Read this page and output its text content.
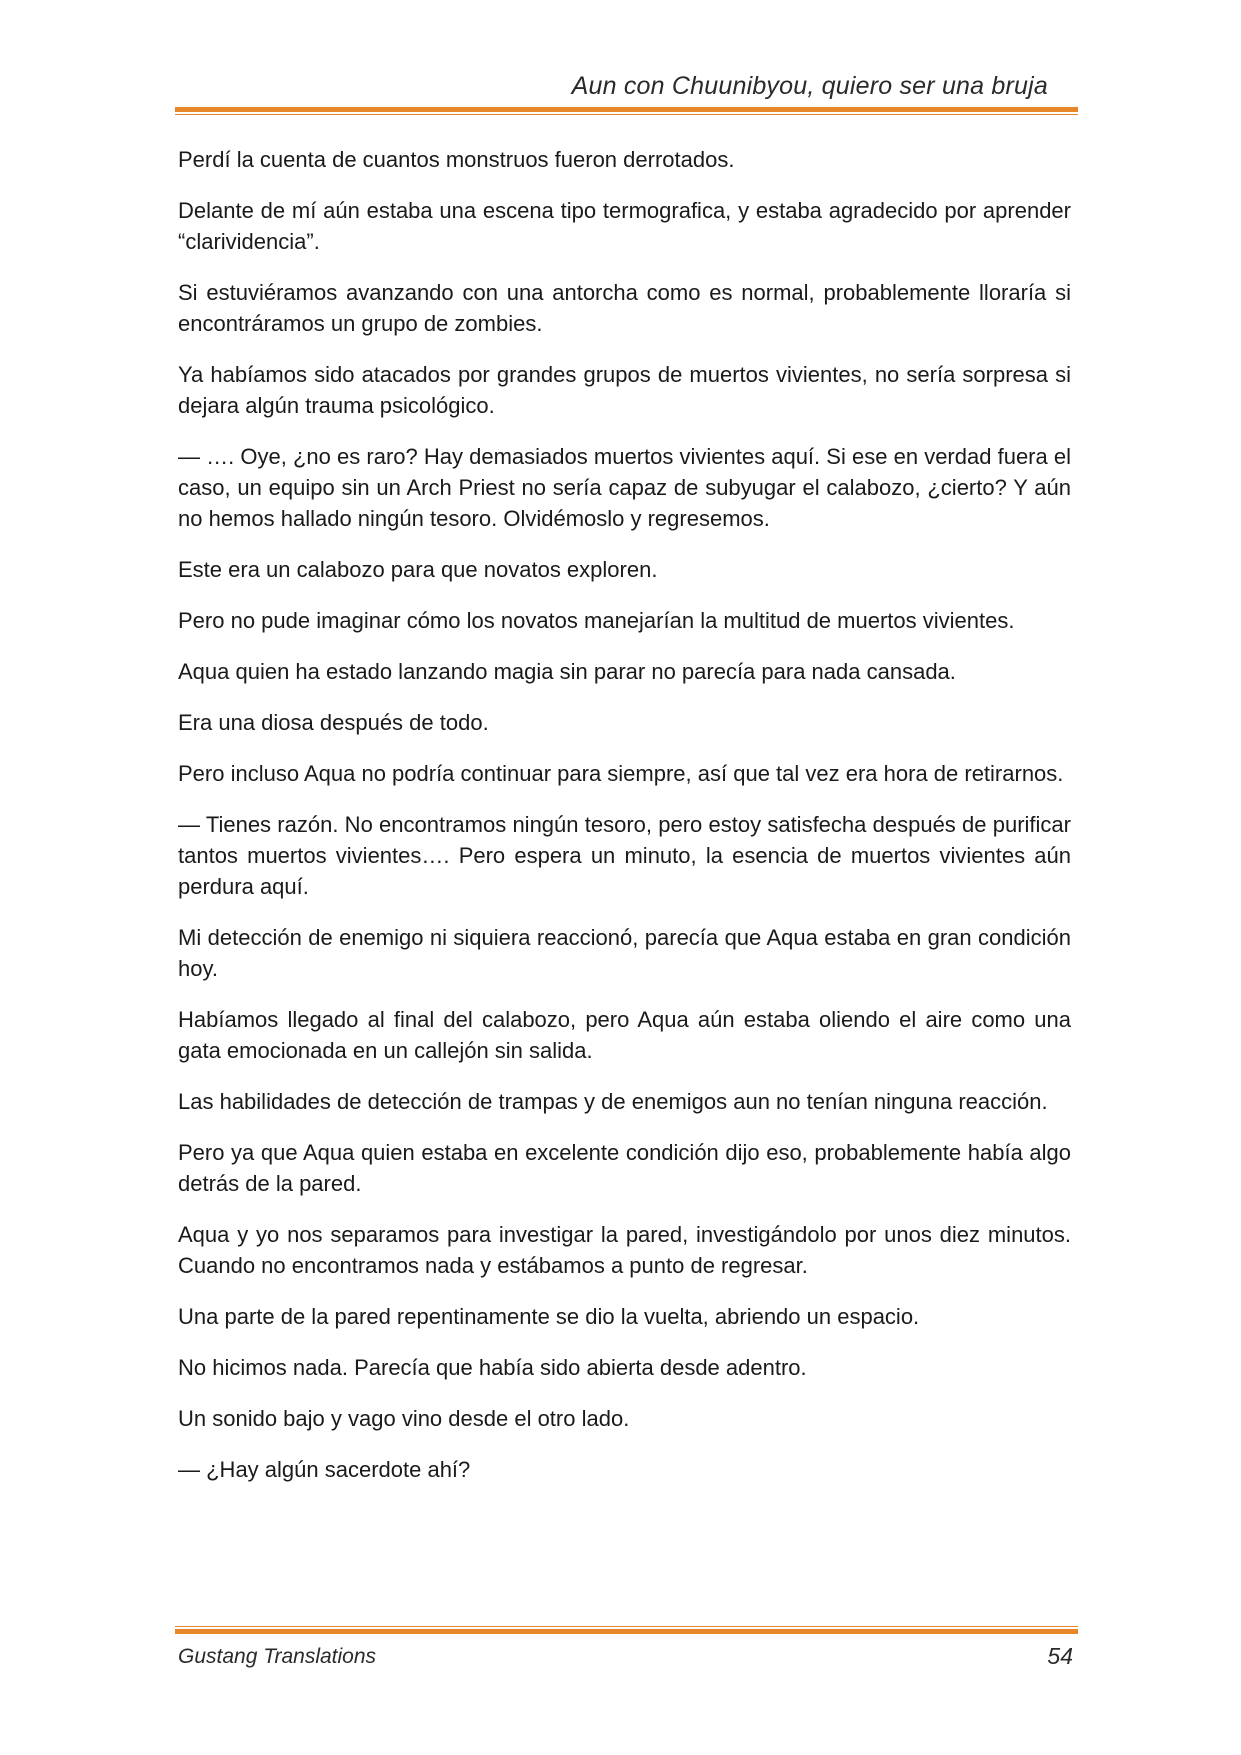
Aun con Chuunibyou, quiero ser una bruja

Perdí la cuenta de cuantos monstruos fueron derrotados.

Delante de mí aún estaba una escena tipo termografica, y estaba agradecido por aprender “clarividencia”.

Si estuviéramos avanzando con una antorcha como es normal, probablemente lloraría si encontráramos un grupo de zombies.

Ya habíamos sido atacados por grandes grupos de muertos vivientes, no sería sorpresa si dejara algún trauma psicológico.

— …. Oye, ¿no es raro? Hay demasiados muertos vivientes aquí. Si ese en verdad fuera el caso, un equipo sin un Arch Priest no sería capaz de subyugar el calabozo, ¿cierto? Y aún no hemos hallado ningún tesoro. Olvidémoslo y regresemos.

Este era un calabozo para que novatos exploren.

Pero no pude imaginar cómo los novatos manejarían la multitud de muertos vivientes.

Aqua quien ha estado lanzando magia sin parar no parecía para nada cansada.

Era una diosa después de todo.

Pero incluso Aqua no podría continuar para siempre, así que tal vez era hora de retirarnos.

— Tienes razón. No encontramos ningún tesoro, pero estoy satisfecha después de purificar tantos muertos vivientes…. Pero espera un minuto, la esencia de muertos vivientes aún perdura aquí.

Mi detección de enemigo ni siquiera reaccionó, parecía que Aqua estaba en gran condición hoy.

Habíamos llegado al final del calabozo, pero Aqua aún estaba oliendo el aire como una gata emocionada en un callejón sin salida.

Las habilidades de detección de trampas y de enemigos aun no tenían ninguna reacción.

Pero ya que Aqua quien estaba en excelente condición dijo eso, probablemente había algo detrás de la pared.

Aqua y yo nos separamos para investigar la pared, investigándolo por unos diez minutos. Cuando no encontramos nada y estábamos a punto de regresar.

Una parte de la pared repentinamente se dio la vuelta, abriendo un espacio.

No hicimos nada. Parecía que había sido abierta desde adentro.

Un sonido bajo y vago vino desde el otro lado.

— ¿Hay algún sacerdote ahí?

Gustang Translations	54
